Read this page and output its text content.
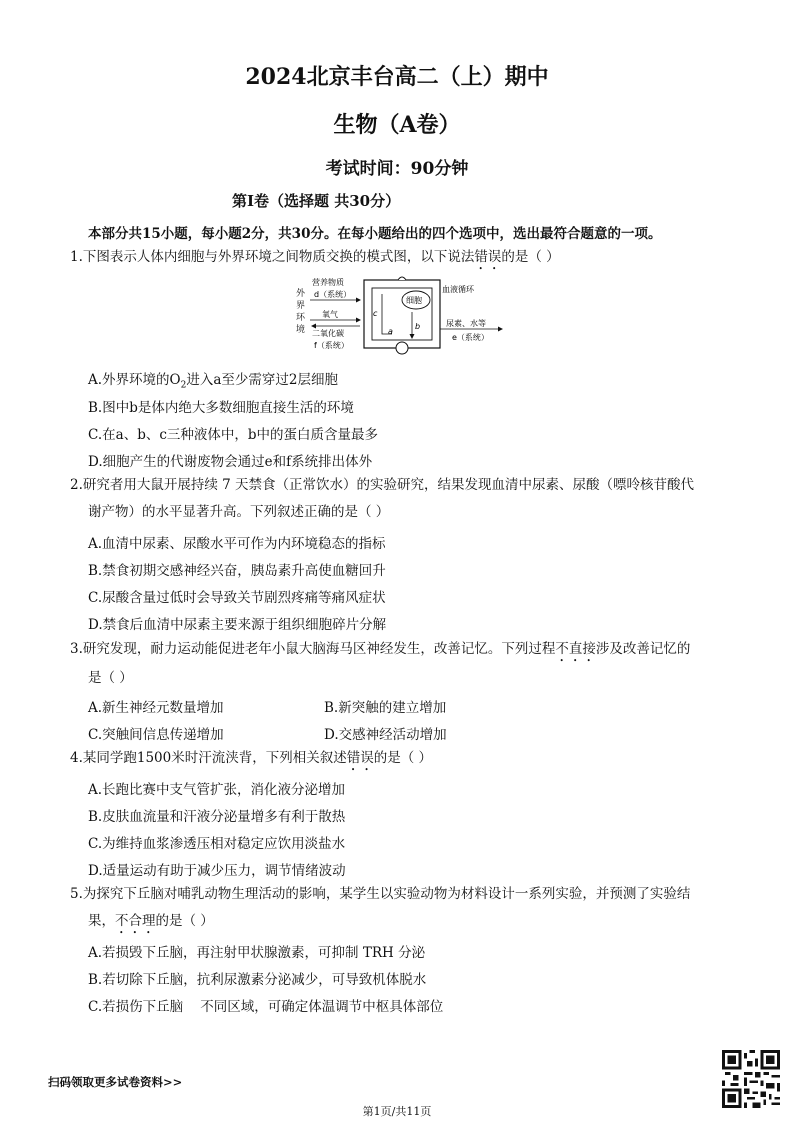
2024北京丰台高二（上）期中
生物（A卷）
考试时间：90分钟
第Ⅰ卷（选择题 共30分）
本部分共15小题，每小题2分，共30分。在每小题给出的四个选项中，选出最符合题意的一项。
1.下图表示人体内细胞与外界环境之间物质交换的模式图，以下说法错误的是（ ）
外
界
环
境
营养物质
d（系统）
氧气
二氧化碳
f（系统）
c
a
b
细胞
血液循环
尿素、水等
e（系统）
A.外界环境的$O_2$进入a至少需穿过2层细胞
B.图中b是体内绝大多数细胞直接生活的环境
C.在a、b、c三种液体中，b中的蛋白质含量最多
D.细胞产生的代谢废物会通过e和f系统排出体外
2.研究者用大鼠开展持续 7 天禁食（正常饮水）的实验研究，结果发现血清中尿素、尿酸（嘌呤核苷酸代
谢产物）的水平显著升高。下列叙述正确的是（ ）
A.血清中尿素、尿酸水平可作为内环境稳态的指标
B.禁食初期交感神经兴奋，胰岛素升高使血糖回升
C.尿酸含量过低时会导致关节剧烈疼痛等痛风症状
D.禁食后血清中尿素主要来源于组织细胞碎片分解
3.研究发现，耐力运动能促进老年小鼠大脑海马区神经发生，改善记忆。下列过程不直接涉及改善记忆的
是（ ）
A.新生神经元数量增加	B.新突触的建立增加
C.突触间信息传递增加	D.交感神经活动增加
4.某同学跑1500米时汗流浃背，下列相关叙述错误的是（ ）
A.长跑比赛中支气管扩张，消化液分泌增加
B.皮肤血流量和汗液分泌量增多有利于散热
C.为维持血浆渗透压相对稳定应饮用淡盐水
D.适量运动有助于减少压力，调节情绪波动
5.为探究下丘脑对哺乳动物生理活动的影响，某学生以实验动物为材料设计一系列实验，并预测了实验结
果，不合理的是（ ）
A.若损毁下丘脑，再注射甲状腺激素，可抑制 TRH 分泌
B.若切除下丘脑，抗利尿激素分泌减少，可导致机体脱水
C.若损伤下丘脑    不同区域，可确定体温调节中枢具体部位
扫码领取更多试卷资料>>
第1页/共11页
